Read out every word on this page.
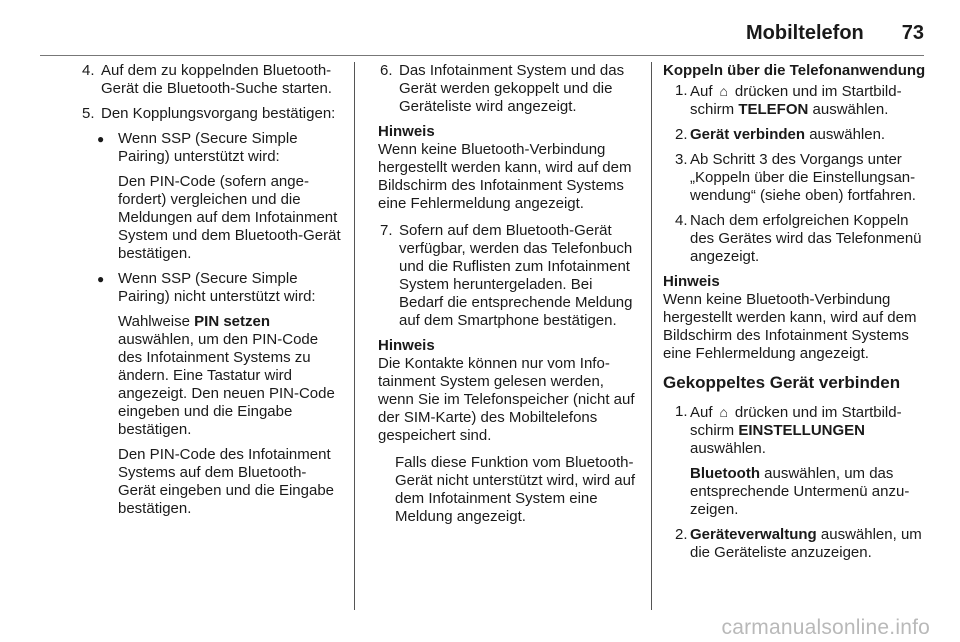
Mobiltelefon 73
4. Auf dem zu koppelnden Bluetooth-Gerät die Bluetooth-Suche starten.

5. Den Kopplungsvorgang bestätigen:

● Wenn SSP (Secure Simple Pairing) unterstützt wird:

Den PIN-Code (sofern angefordert) vergleichen und die Meldungen auf dem Infotainment System und dem Bluetooth-Gerät bestätigen.

● Wenn SSP (Secure Simple Pairing) nicht unterstützt wird:

Wahlweise PIN setzen auswählen, um den PIN-Code des Infotainment Systems zu ändern. Eine Tastatur wird angezeigt. Den neuen PIN-Code eingeben und die Eingabe bestätigen.

Den PIN-Code des Infotainment Systems auf dem Bluetooth-Gerät eingeben und die Eingabe bestätigen.

6. Das Infotainment System und das Gerät werden gekoppelt und die Geräteliste wird angezeigt.

Hinweis

Wenn keine Bluetooth-Verbindung hergestellt werden kann, wird auf dem Bildschirm des Infotainment Systems eine Fehlermeldung angezeigt.

7. Sofern auf dem Bluetooth-Gerät verfügbar, werden das Telefonbuch und die Ruflisten zum Infotainment System heruntergeladen. Bei Bedarf die entsprechende Meldung auf dem Smartphone bestätigen.

Hinweis

Die Kontakte können nur vom Infotainment System gelesen werden, wenn Sie im Telefonspeicher (nicht auf der SIM-Karte) des Mobiltelefons gespeichert sind.

Falls diese Funktion vom Bluetooth-Gerät nicht unterstützt wird, wird auf dem Infotainment System eine Meldung angezeigt.

Koppeln über die Telefonanwendung

1. Auf ⌂ drücken und im Startbildschirm TELEFON auswählen.

2. Gerät verbinden auswählen.

3. Ab Schritt 3 des Vorgangs unter „Koppeln über die Einstellungsanwendung“ (siehe oben) fortfahren.

4. Nach dem erfolgreichen Koppeln des Gerätes wird das Telefonmenü angezeigt.

Hinweis

Wenn keine Bluetooth-Verbindung hergestellt werden kann, wird auf dem Bildschirm des Infotainment Systems eine Fehlermeldung angezeigt.

Gekoppeltes Gerät verbinden

1. Auf ⌂ drücken und im Startbildschirm EINSTELLUNGEN auswählen.

Bluetooth auswählen, um das entsprechende Untermenü anzuzeigen.

2. Geräteverwaltung auswählen, um die Geräteliste anzuzeigen.

carmanualsonline.info
